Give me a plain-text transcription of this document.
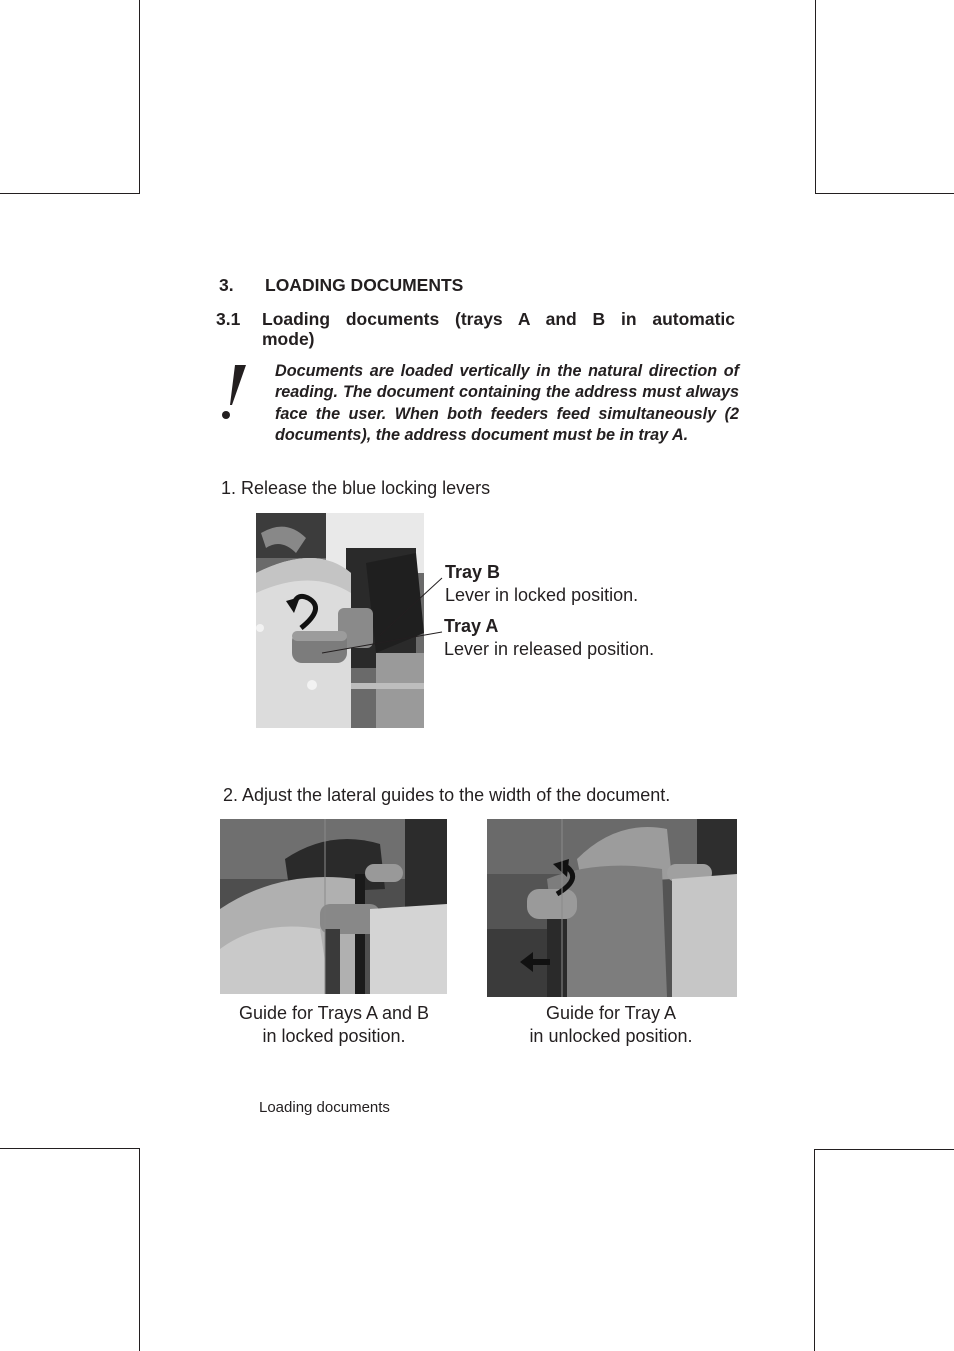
3. LOADING DOCUMENTS
3.1 Loading documents (trays A and B in automatic mode)
Documents are loaded vertically in the natural direction of reading. The document containing the address must always face the user. When both feeders feed simultaneously (2 documents), the address document must be in tray A.
1. Release the blue locking levers
Tray B
Lever in locked position.
Tray A
Lever in released position.
2. Adjust the lateral guides to the width of the document.
Guide for Trays A and B
in locked position.
Guide for Tray A
in unlocked position.
Loading documents
